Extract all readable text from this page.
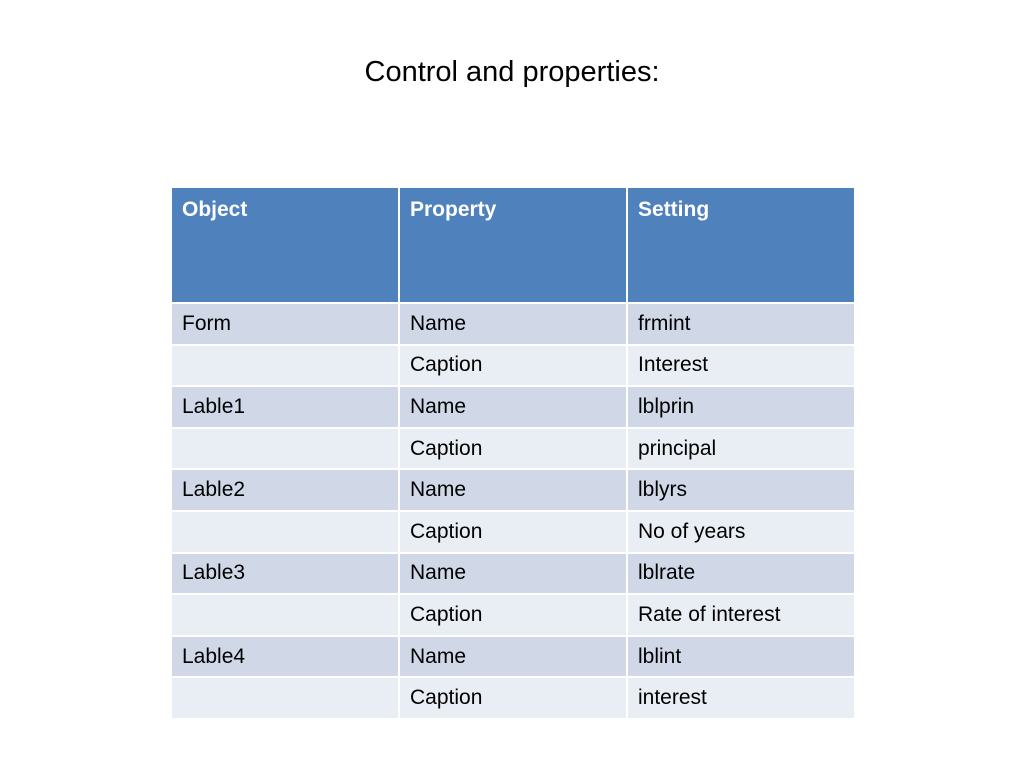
Control and properties:
Object	Property	Setting
Form	Name	frmint
	Caption	Interest
Lable1	Name	lblprin
	Caption	principal
Lable2	Name	lblyrs
	Caption	No of years
Lable3	Name	lblrate
	Caption	Rate of interest
Lable4	Name	lblint
	Caption	interest
